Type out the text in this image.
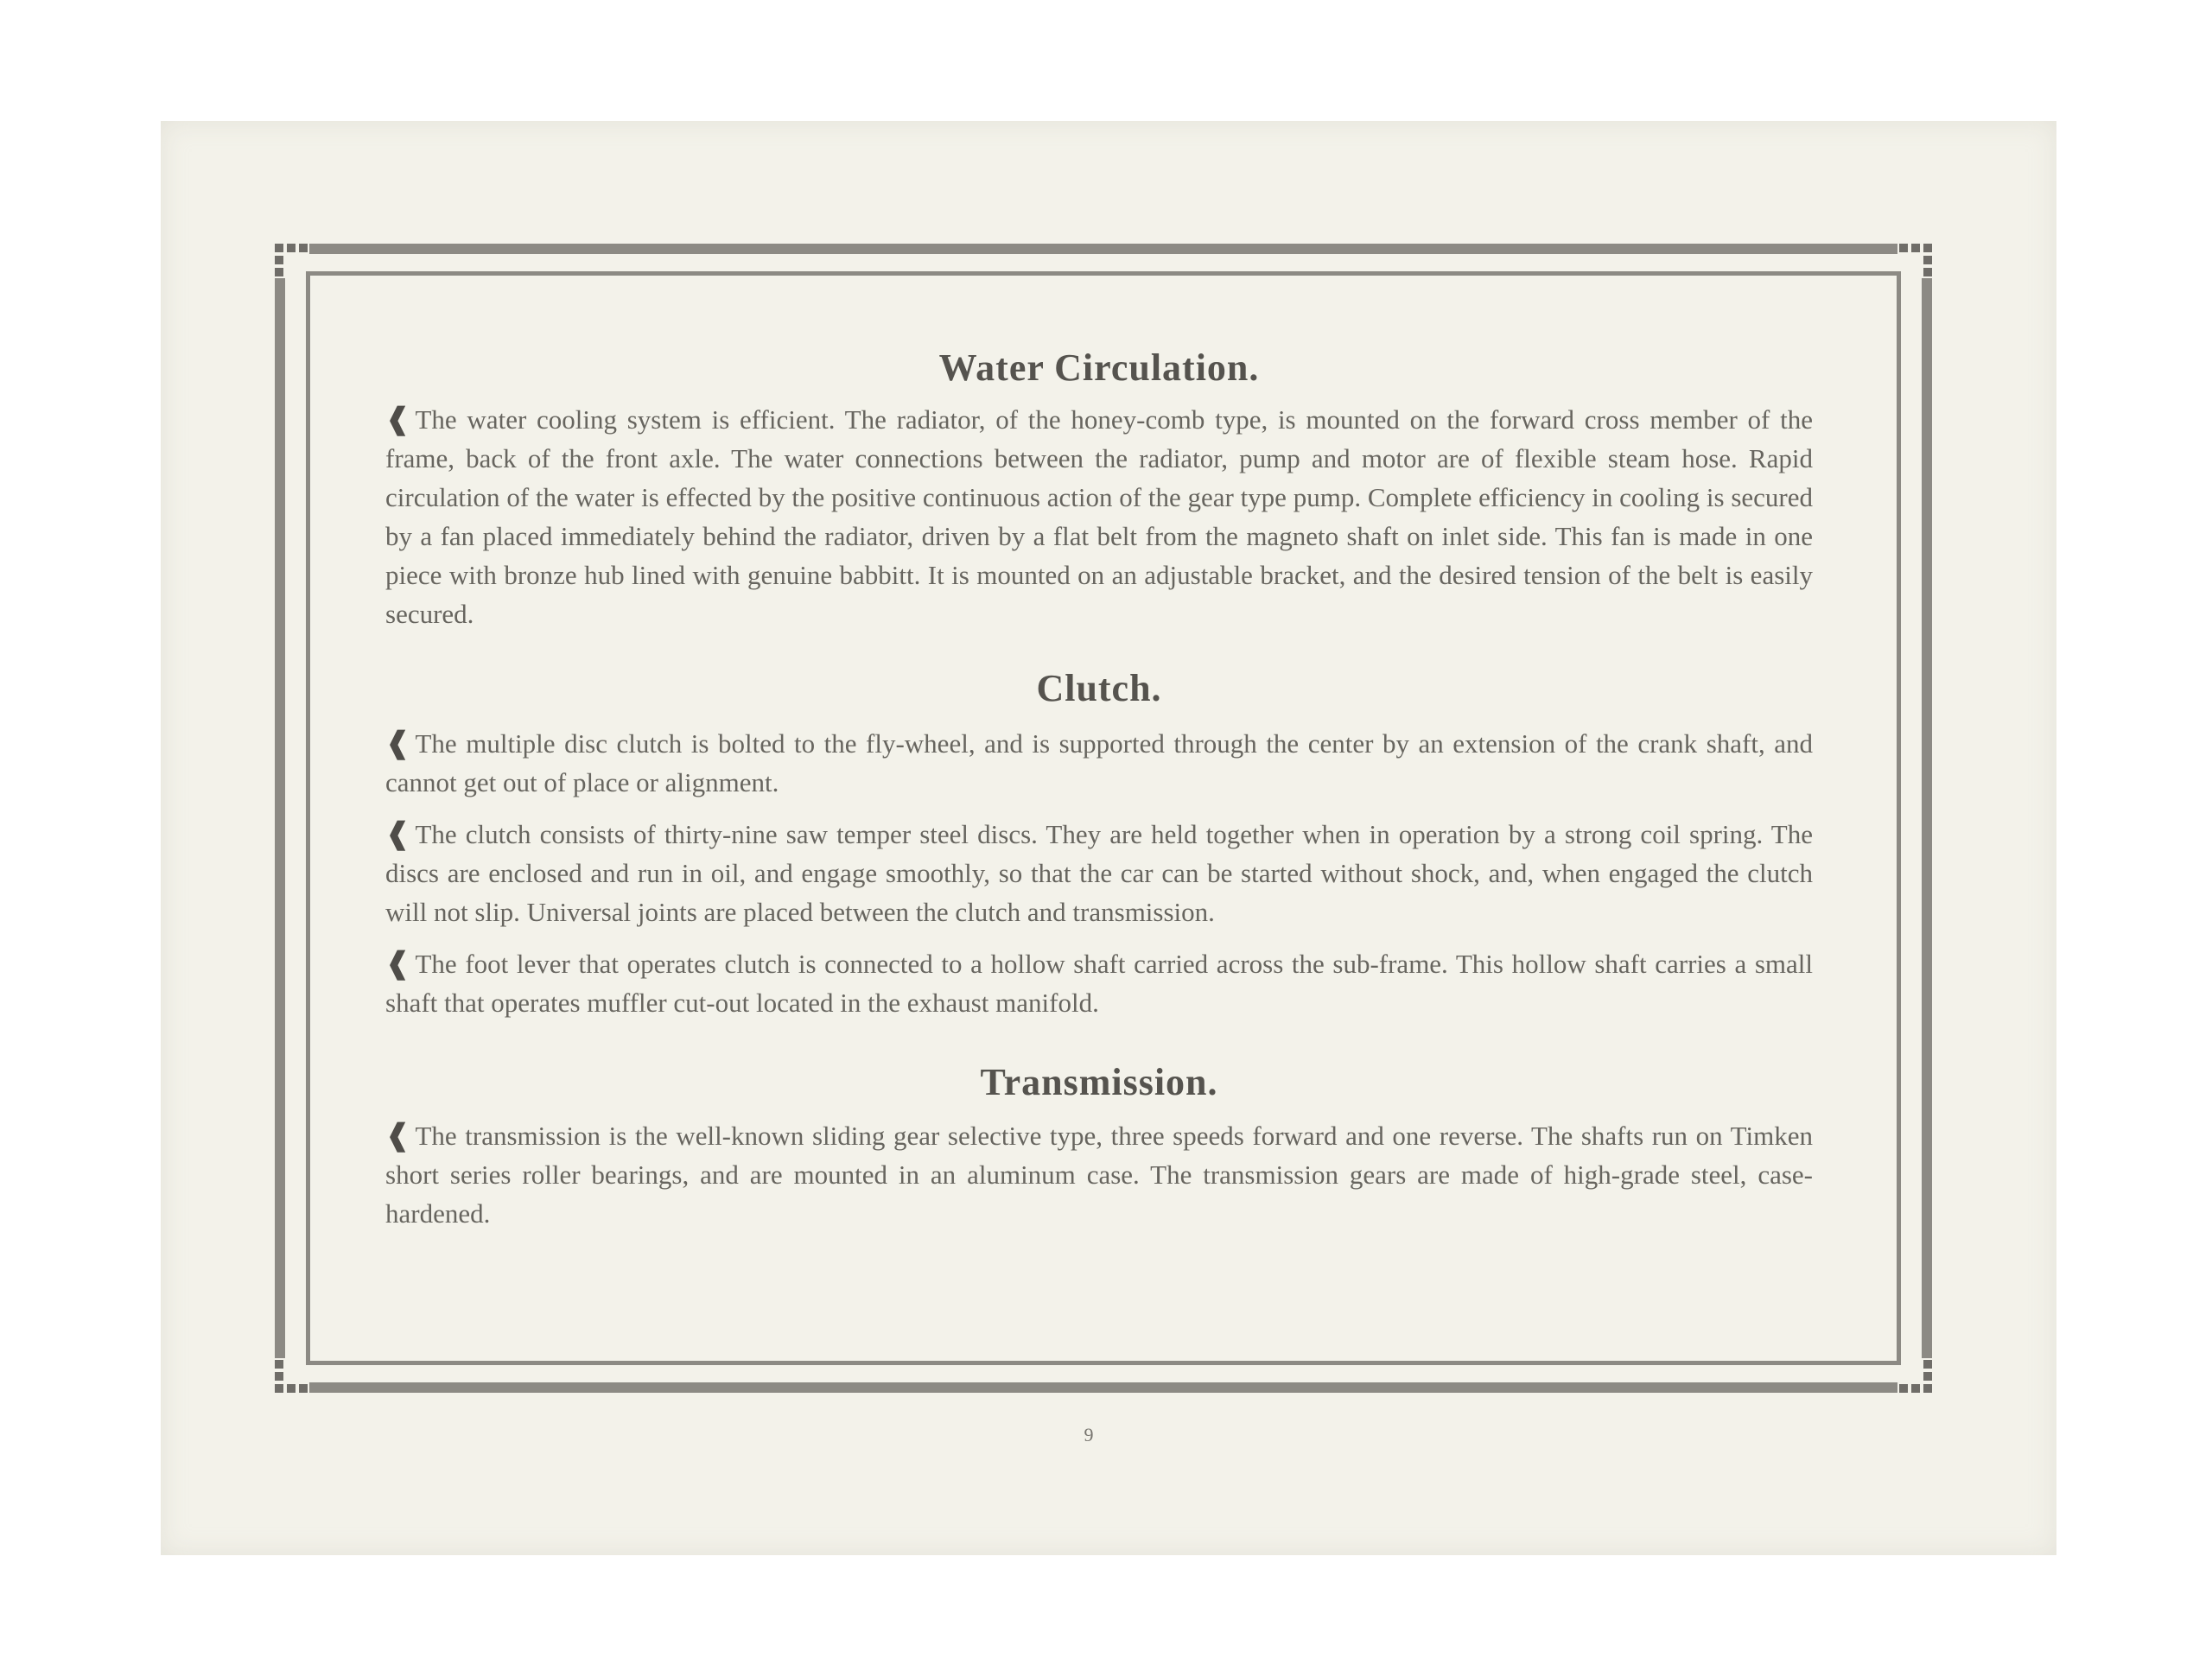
Water Circulation.

❰ The water cooling system is efficient. The radiator, of the honey-comb type, is mounted on the forward cross member of the frame, back of the front axle. The water connections between the radiator, pump and motor are of flexible steam hose. Rapid circulation of the water is effected by the positive continuous action of the gear type pump. Complete efficiency in cooling is secured by a fan placed immediately behind the radiator, driven by a flat belt from the magneto shaft on inlet side. This fan is made in one piece with bronze hub lined with genuine babbitt. It is mounted on an adjustable bracket, and the desired tension of the belt is easily secured.

Clutch.

❰ The multiple disc clutch is bolted to the fly-wheel, and is supported through the center by an extension of the crank shaft, and cannot get out of place or alignment.

❰ The clutch consists of thirty-nine saw temper steel discs. They are held together when in operation by a strong coil spring. The discs are enclosed and run in oil, and engage smoothly, so that the car can be started without shock, and, when engaged the clutch will not slip. Universal joints are placed between the clutch and transmission.

❰ The foot lever that operates clutch is connected to a hollow shaft carried across the sub-frame. This hollow shaft carries a small shaft that operates muffler cut-out located in the exhaust manifold.

Transmission.

❰ The transmission is the well-known sliding gear selective type, three speeds forward and one reverse. The shafts run on Timken short series roller bearings, and are mounted in an aluminum case. The transmission gears are made of high-grade steel, case-hardened.

9
